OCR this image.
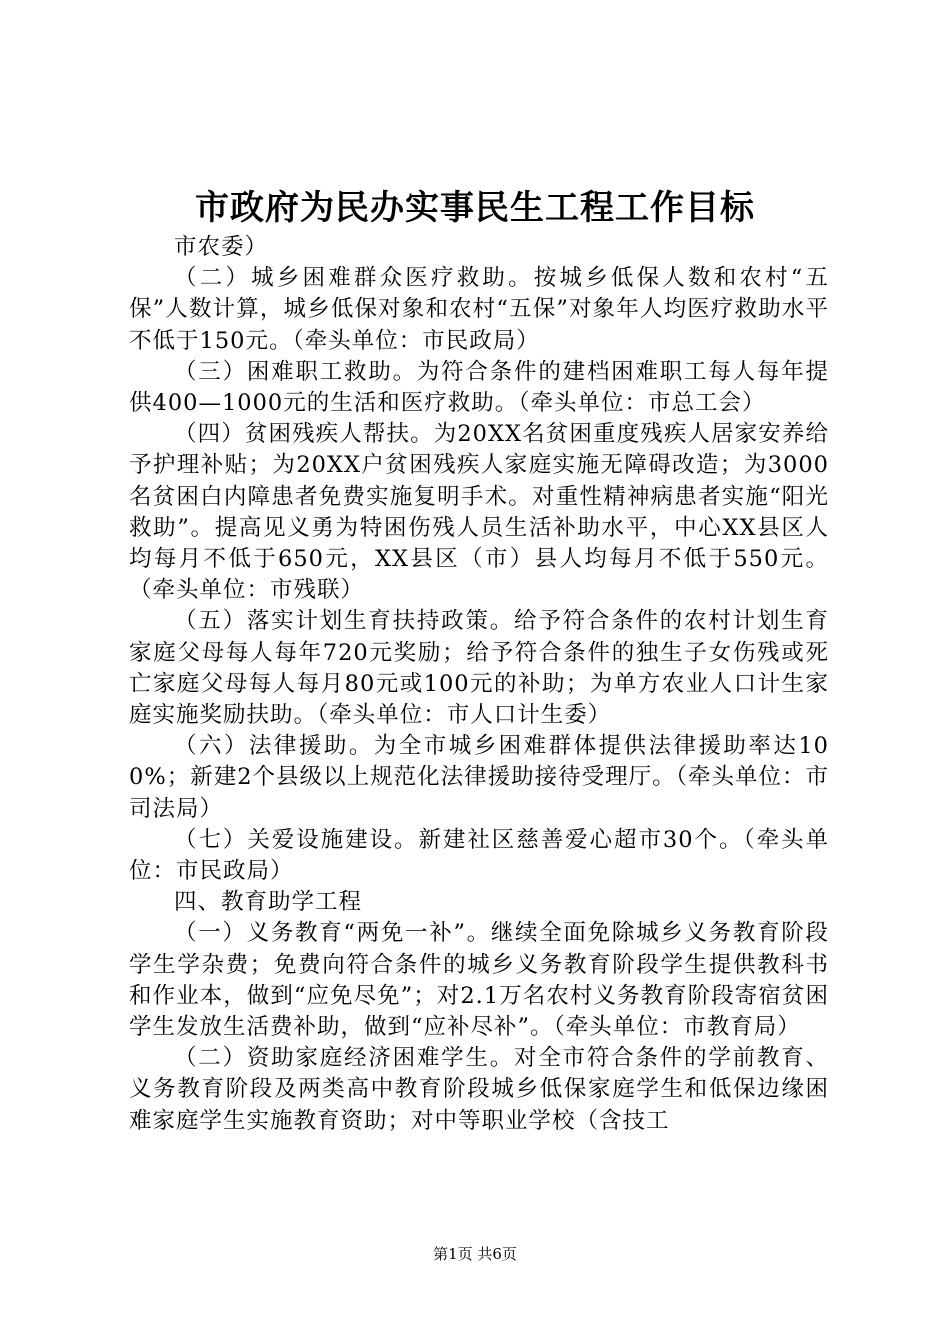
市政府为民办实事民生工程工作目标

市农委）

（二）城乡困难群众医疗救助。按城乡低保人数和农村“五保”人数计算，城乡低保对象和农村“五保”对象年人均医疗救助水平不低于150元。（牵头单位：市民政局）

（三）困难职工救助。为符合条件的建档困难职工每人每年提供400—1000元的生活和医疗救助。（牵头单位：市总工会）

（四）贫困残疾人帮扶。为20XX名贫困重度残疾人居家安养给予护理补贴；为20XX户贫困残疾人家庭实施无障碍改造；为3000名贫困白内障患者免费实施复明手术。对重性精神病患者实施“阳光救助”。提高见义勇为特困伤残人员生活补助水平，中心XX县区人均每月不低于650元，XX县区（市）县人均每月不低于550元。（牵头单位：市残联）

（五）落实计划生育扶持政策。给予符合条件的农村计划生育家庭父母每人每年720元奖励；给予符合条件的独生子女伤残或死亡家庭父母每人每月80元或100元的补助；为单方农业人口计生家庭实施奖励扶助。（牵头单位：市人口计生委）

（六）法律援助。为全市城乡困难群体提供法律援助率达100%；新建2个县级以上规范化法律援助接待受理厅。（牵头单位：市司法局）

（七）关爱设施建设。新建社区慈善爱心超市30个。（牵头单位：市民政局）

四、教育助学工程

（一）义务教育“两免一补”。继续全面免除城乡义务教育阶段学生学杂费；免费向符合条件的城乡义务教育阶段学生提供教科书和作业本，做到“应免尽免”；对2.1万名农村义务教育阶段寄宿贫困学生发放生活费补助，做到“应补尽补”。（牵头单位：市教育局）

（二）资助家庭经济困难学生。对全市符合条件的学前教育、义务教育阶段及两类高中教育阶段城乡低保家庭学生和低保边缘困难家庭学生实施教育资助；对中等职业学校（含技工

第1页 共6页
